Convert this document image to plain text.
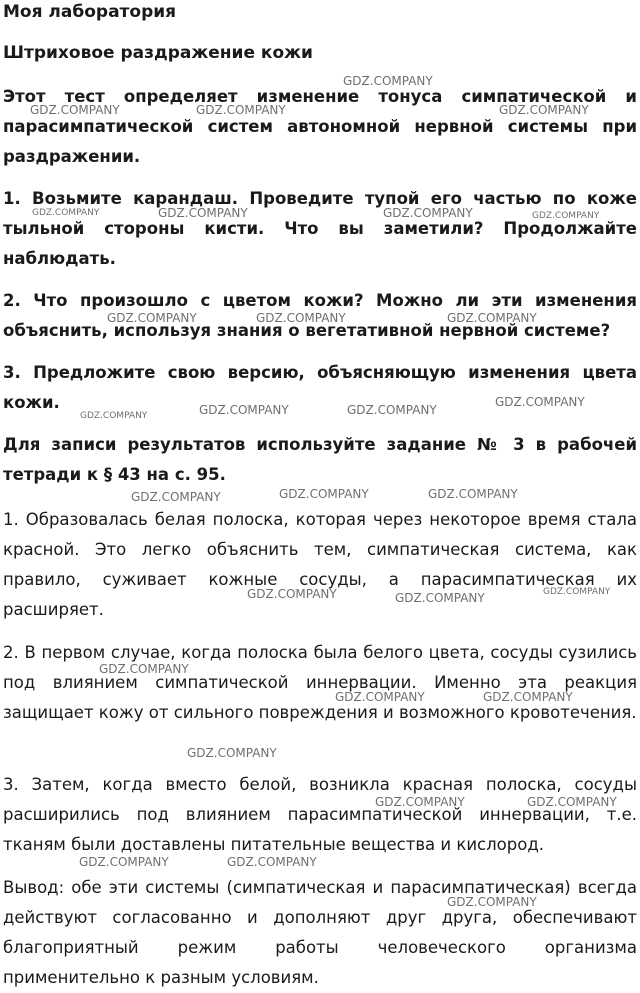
Моя лаборатория
Штриховое раздражение кожи

Этот тест определяет изменение тонуса симпатической и парасимпатической систем автономной нервной системы при раздражении.

1. Возьмите карандаш. Проведите тупой его частью по коже тыльной стороны кисти. Что вы заметили? Продолжайте наблюдать.

2. Что произошло с цветом кожи? Можно ли эти изменения объяснить, используя знания о вегетативной нервной системе?

3. Предложите свою версию, объясняющую изменения цвета кожи.

Для записи результатов используйте задание № 3 в рабочей тетради к § 43 на с. 95.

1. Образовалась белая полоска, которая через некоторое время стала красной. Это легко объяснить тем, симпатическая система, как правило, суживает кожные сосуды, а парасимпатическая их расширяет.

2. В первом случае, когда полоска была белого цвета, сосуды сузились под влиянием симпатической иннервации. Именно эта реакция защищает кожу от сильного повреждения и возможного кровотечения.

3. Затем, когда вместо белой, возникла красная полоска, сосуды расширились под влиянием парасимпатической иннервации, т.е. тканям были доставлены питательные вещества и кислород.

Вывод: обе эти системы (симпатическая и парасимпатическая) всегда действуют согласованно и дополняют друг друга, обеспечивают благоприятный режим работы человеческого организма применительно к разным условиям.

GDZ.COMPANY
GDZ.COMPANY	GDZ.COMPANY	GDZ.COMPANY
GDZ.COMPANY	GDZ.COMPANY	GDZ.COMPANY	GDZ.COMPANY
GDZ.COMPANY	GDZ.COMPANY	GDZ.COMPANY
GDZ.COMPANY
GDZ.COMPANY	GDZ.COMPANY	GDZ.COMPANY
GDZ.COMPANY	GDZ.COMPANY	GDZ.COMPANY
GDZ.COMPANY	GDZ.COMPANY	GDZ.COMPANY
GDZ.COMPANY
GDZ.COMPANY	GDZ.COMPANY
GDZ.COMPANY
GDZ.COMPANY	GDZ.COMPANY
GDZ.COMPANY	GDZ.COMPANY
GDZ.COMPANY
